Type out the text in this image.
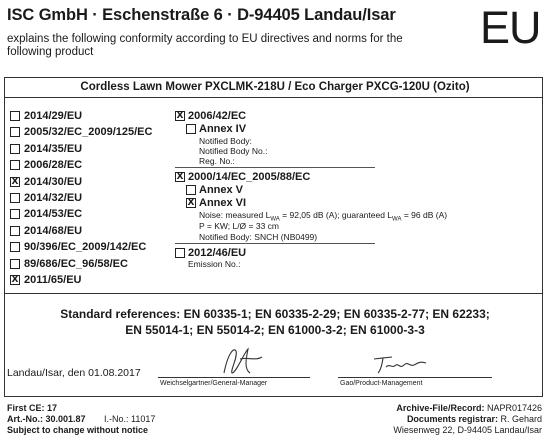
ISC GmbH · Eschenstraße 6 · D-94405 Landau/Isar
explains the following conformity according to EU directives and norms for the following product	EU
Cordless Lawn Mower PXCLMK-218U / Eco Charger PXCG-120U (Ozito)
2014/29/EU
2005/32/EC_2009/125/EC
2014/35/EU
2006/28/EC
X 2014/30/EU
2014/32/EU
2014/53/EC
2014/68/EU
90/396/EC_2009/142/EC
89/686/EC_96/58/EC
X 2011/65/EU
X 2006/42/EC
Annex IV
Notified Body:
Notified Body No.:
Reg. No.:
X 2000/14/EC_2005/88/EC
Annex V
X Annex VI
Noise: measured $L_{WA} = 92,05$ dB (A); guaranteed $L_{WA} = 96$ dB (A)
P = KW; L/Ø = 33 cm
Notified Body: SNCH (NB0499)
2012/46/EU
Emission No.:
Standard references: EN 60335-1; EN 60335-2-29; EN 60335-2-77; EN 62233;
EN 55014-1; EN 55014-2; EN 61000-3-2; EN 61000-3-3
Landau/Isar, den 01.08.2017
Weichselgartner/General-Manager	Gao/Product-Management
First CE: 17
Art.-No.: 30.001.87 I.-No.: 11017
Subject to change without notice
Archive-File/Record: NAPR017426
Documents registrar: R. Gehard
Wiesenweg 22, D-94405 Landau/Isar
